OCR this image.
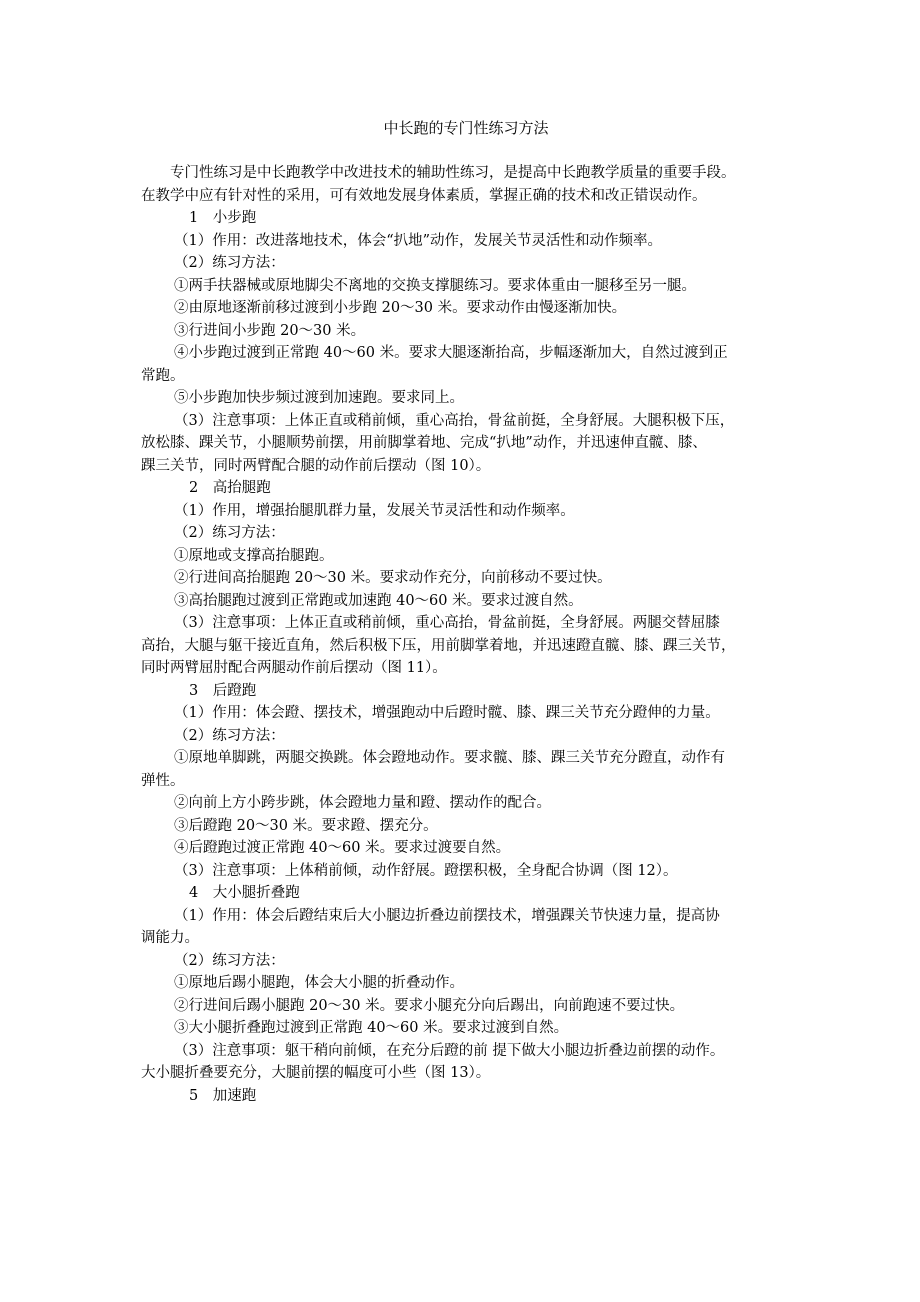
中长跑的专门性练习方法
专门性练习是中长跑教学中改进技术的辅助性练习，是提高中长跑教学质量的重要手段。
在教学中应有针对性的采用，可有效地发展身体素质，掌握正确的技术和改正错误动作。
1　小步跑
（1）作用：改进落地技术，体会“扒地”动作，发展关节灵活性和动作频率。
（2）练习方法：
①两手扶器械或原地脚尖不离地的交换支撑腿练习。要求体重由一腿移至另一腿。
②由原地逐渐前移过渡到小步跑 20～30 米。要求动作由慢逐渐加快。
③行进间小步跑 20～30 米。
④小步跑过渡到正常跑 40～60 米。要求大腿逐渐抬高，步幅逐渐加大，自然过渡到正
常跑。
⑤小步跑加快步频过渡到加速跑。要求同上。
（3）注意事项：上体正直或稍前倾，重心高抬，骨盆前挺，全身舒展。大腿积极下压，
放松膝、踝关节，小腿顺势前摆，用前脚掌着地、完成“扒地”动作，并迅速伸直髋、膝、
踝三关节，同时两臂配合腿的动作前后摆动（图 10）。
2　高抬腿跑
（1）作用，增强抬腿肌群力量，发展关节灵活性和动作频率。
（2）练习方法：
①原地或支撑高抬腿跑。
②行进间高抬腿跑 20～30 米。要求动作充分，向前移动不要过快。
③高抬腿跑过渡到正常跑或加速跑 40～60 米。要求过渡自然。
（3）注意事项：上体正直或稍前倾，重心高抬，骨盆前挺，全身舒展。两腿交替屈膝
高抬，大腿与躯干接近直角，然后积极下压，用前脚掌着地，并迅速蹬直髋、膝、踝三关节，
同时两臂屈肘配合两腿动作前后摆动（图 11）。
3　后蹬跑
（1）作用：体会蹬、摆技术，增强跑动中后蹬时髋、膝、踝三关节充分蹬伸的力量。
（2）练习方法：
①原地单脚跳，两腿交换跳。体会蹬地动作。要求髋、膝、踝三关节充分蹬直，动作有
弹性。
②向前上方小跨步跳，体会蹬地力量和蹬、摆动作的配合。
③后蹬跑 20～30 米。要求蹬、摆充分。
④后蹬跑过渡正常跑 40～60 米。要求过渡要自然。
（3）注意事项：上体稍前倾，动作舒展。蹬摆积极，全身配合协调（图 12）。
4　大小腿折叠跑
（1）作用：体会后蹬结束后大小腿边折叠边前摆技术，增强踝关节快速力量，提高协
调能力。
（2）练习方法：
①原地后踢小腿跑，体会大小腿的折叠动作。
②行进间后踢小腿跑 20～30 米。要求小腿充分向后踢出，向前跑速不要过快。
③大小腿折叠跑过渡到正常跑 40～60 米。要求过渡到自然。
（3）注意事项：躯干稍向前倾，在充分后蹬的前 提下做大小腿边折叠边前摆的动作。
大小腿折叠要充分，大腿前摆的幅度可小些（图 13）。
5　加速跑
